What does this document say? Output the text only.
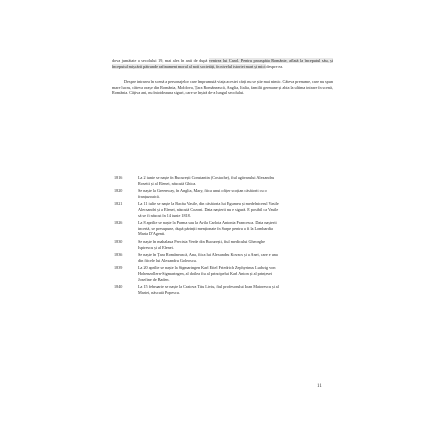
dova jumătate a secolului 19, mai ales în anii de după venirea lui Carol. Pentru proaspăta Românie, aflată la începutul său, și începutul mișcării pătrunde rafinament moral al noii societăți, în nivelul istoriei mari și mici despre ea.

Despre intrarea în scenă a personajelor care împrumută viața acestei cărți nu se știe mai nimic. Câteva prenume, care nu spun mare lucru, câteva orașe din România, Moldova, Țara Românească, Anglia, Italia, familii germane și abia la ultima intrare în scenă, România. Câțiva ani, nu întotdeauna siguri, care se înșiră de-a lungul secolului.

1816	La 2 iunie se naște în București Constantin (Costache), fiul agăvarului Alexandru Rosetti și al Elenei, născută Ghica.
1820	Se naște la Greenway, în Anglia, Mary, fiica unui ofițer scoțian căsătorit cu o franțuzoaică.
1821	La 11 iulie se naște la Bacău Vasile, din căsătoria lui Egumeu și medelnicerul Vasile Alecsandri și a Elenei, născută Cozoni. Data nașterii nu e sigură. E posibil ca Vasile să se fi născut în 14 iunie 1818.
1826	La 8 aprilie se naște la Parma sau la Avila Carlota Antonia Francesca. Data nașterii incertă, se presupune, după părinții menționate în Sarpe pentru a fi la Lombardia Maria D'Agenti.
1830	Se naște în mahalaua Precista Verde din București, fiul medicului Gheorghe Ispirescu și al Elenei.
1836	Se naște în Țara Românească, Ana, fiica lui Alexandru Kovacs și a Anei, care e una din fiicele lui Alexandru Goleoscu.
1839	La 20 aprilie se naște la Sigmaringen Karl Eitel Friedrich Zephyrinus Ludwig von Hohenzollern-Sigmaringen, al doilea fiu al principelui Karl Anton și al prințesei Josefine de Baden.
1840	La 15 februarie se naște la Craiova Titu Liviu, fiul profesorului Ioan Maiorescu și al Mariei, născută Popescu.
11
